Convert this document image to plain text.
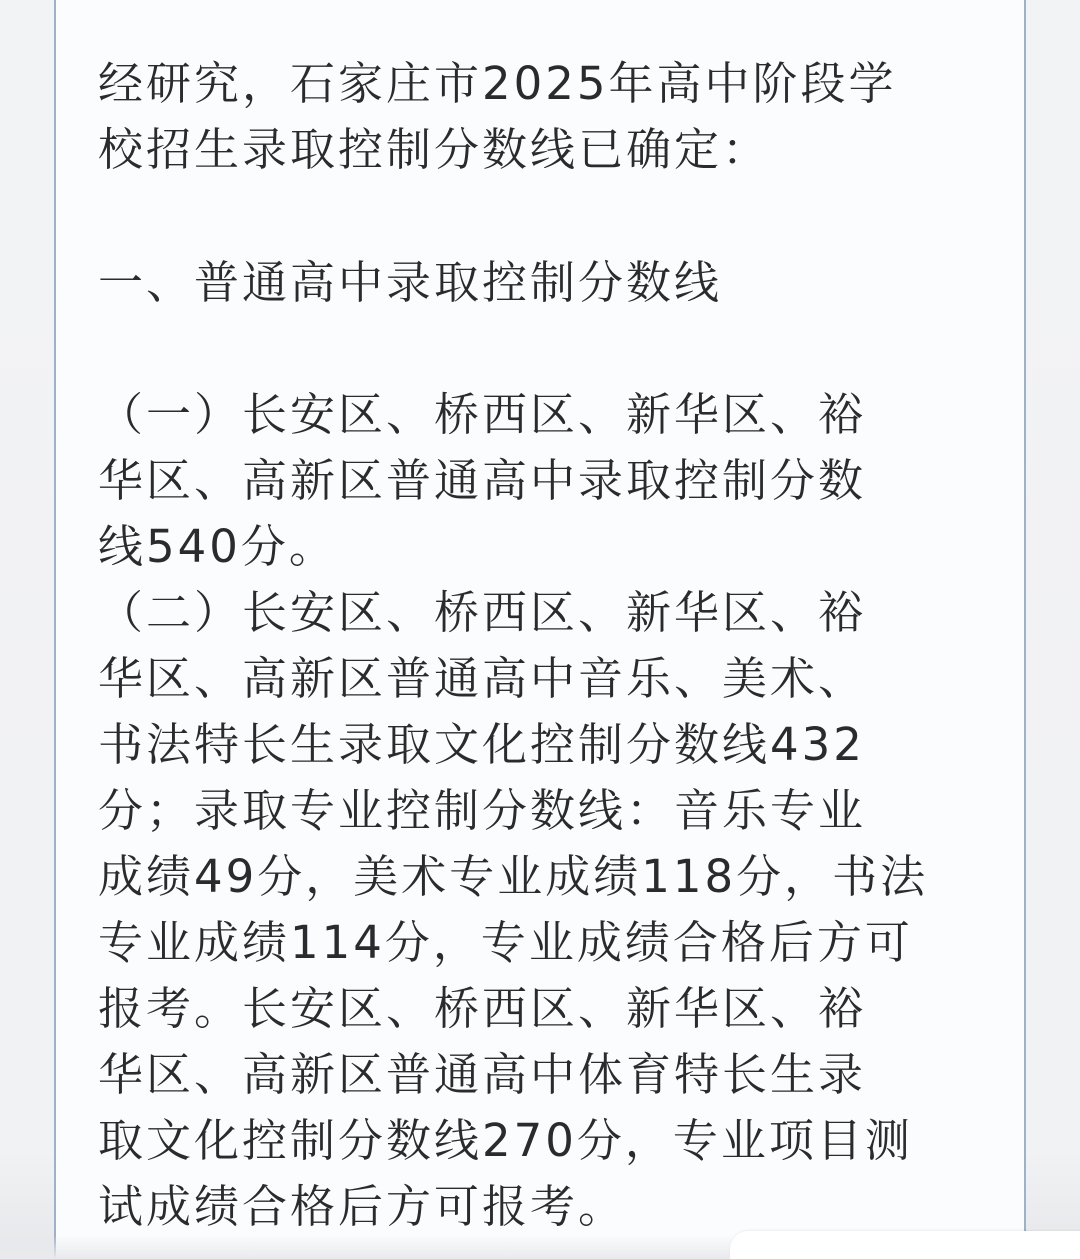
经研究，石家庄市2025年高中阶段学
校招生录取控制分数线已确定：
一、普通高中录取控制分数线
（一）长安区、桥西区、新华区、裕
华区、高新区普通高中录取控制分数
线540分。
（二）长安区、桥西区、新华区、裕
华区、高新区普通高中音乐、美术、
书法特长生录取文化控制分数线432
分；录取专业控制分数线：音乐专业
成绩49分，美术专业成绩118分，书法
专业成绩114分，专业成绩合格后方可
报考。长安区、桥西区、新华区、裕
华区、高新区普通高中体育特长生录
取文化控制分数线270分，专业项目测
试成绩合格后方可报考。
